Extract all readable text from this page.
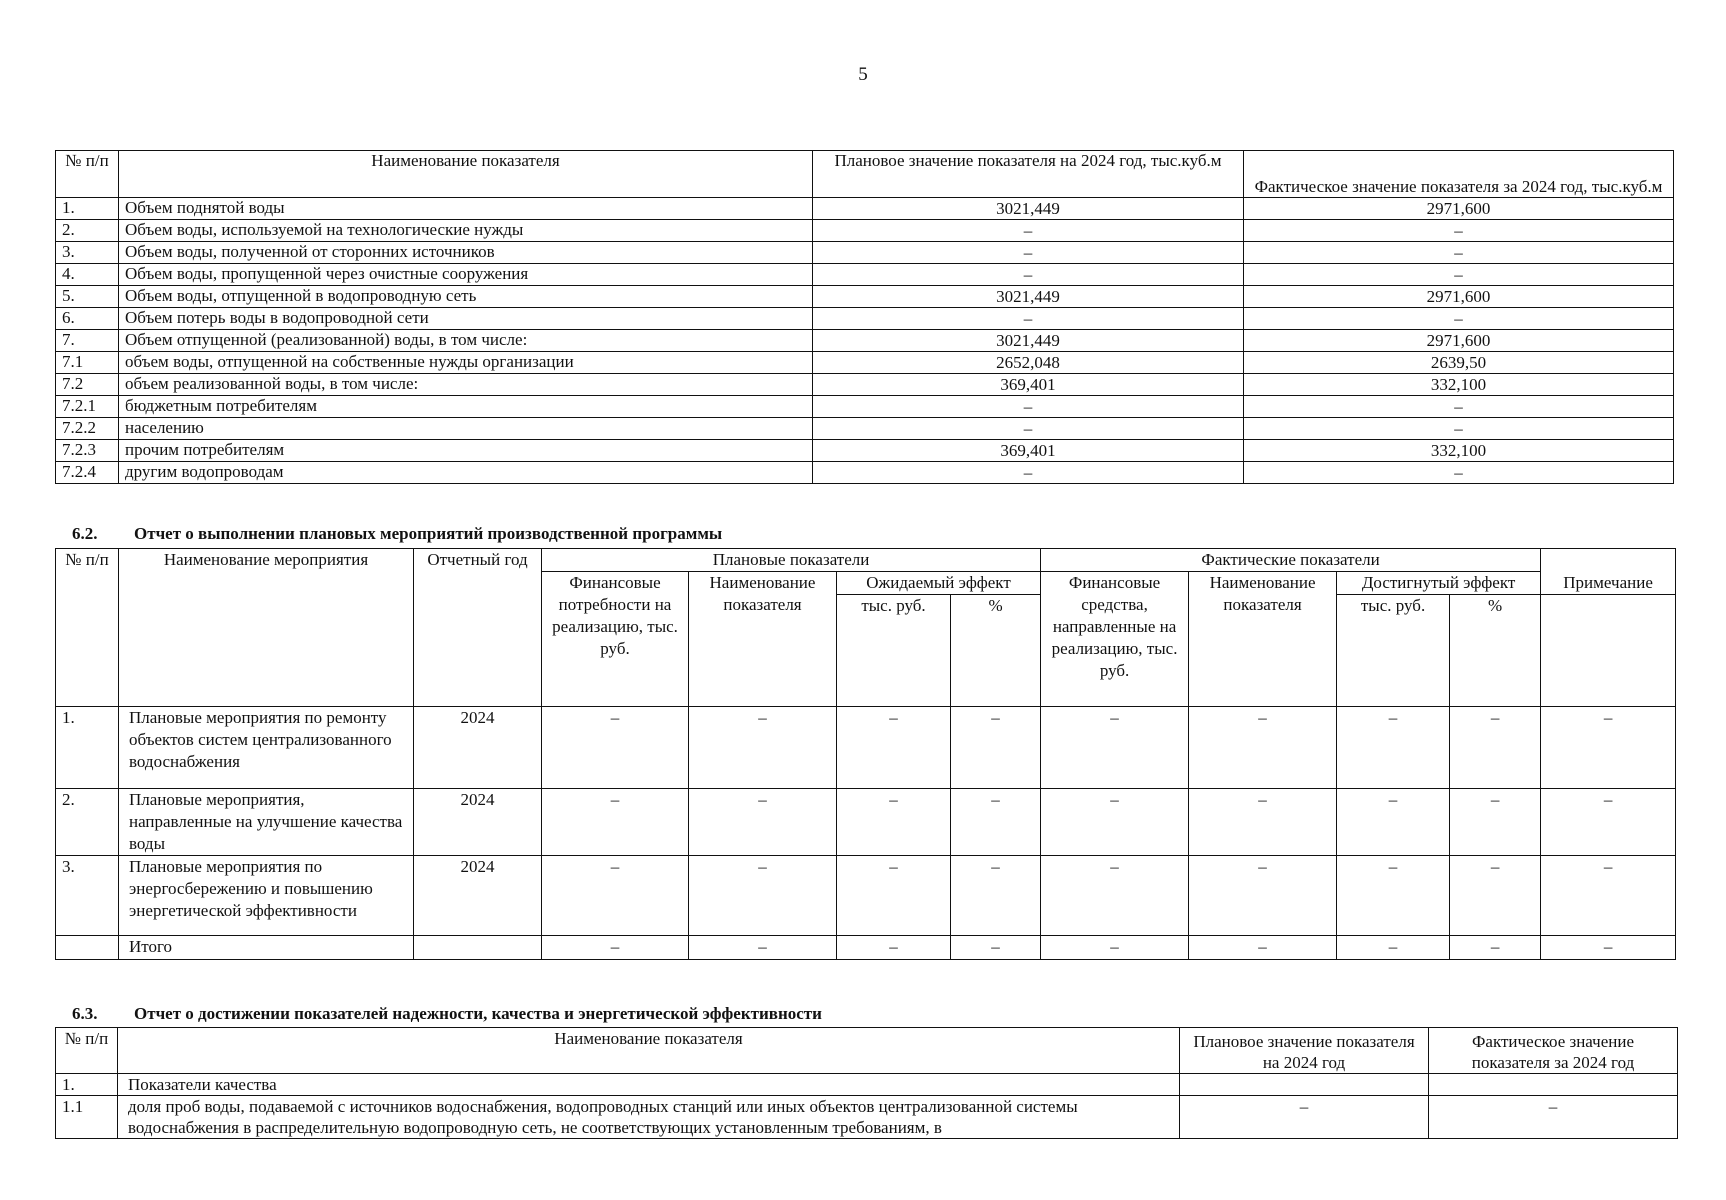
5
№ п/п	Наименование показателя	Плановое значение показателя на 2024 год, тыс.куб.м	Фактическое значение показателя за 2024 год, тыс.куб.м
1.	Объем поднятой воды	3021,449	2971,600
2.	Объем воды, используемой на технологические нужды	–	–
3.	Объем воды, полученной от сторонних источников	–	–
4.	Объем воды, пропущенной через очистные сооружения	–	–
5.	Объем воды, отпущенной в водопроводную сеть	3021,449	2971,600
6.	Объем потерь воды в водопроводной сети	–	–
7.	Объем отпущенной (реализованной) воды, в том числе:	3021,449	2971,600
7.1	объем воды, отпущенной на собственные нужды организации	2652,048	2639,50
7.2	объем реализованной воды, в том числе:	369,401	332,100
7.2.1	бюджетным потребителям	–	–
7.2.2	населению	–	–
7.2.3	прочим потребителям	369,401	332,100
7.2.4	другим водопроводам	–	–
6.2. Отчет о выполнении плановых мероприятий производственной программы
№ п/п	Наименование мероприятия	Отчетный год	Плановые показатели				Фактические показатели				Примечание
			Финансовые потребности на реализацию, тыс. руб.	Наименование показателя	Ожидаемый эффект		Финансовые средства, направленные на реализацию, тыс. руб.	Наименование показателя	Достигнутый эффект		
					тыс. руб.	%			тыс. руб.	%	
1.	Плановые мероприятия по ремонту объектов систем централизованного водоснабжения	2024	–	–	–	–	–	–	–	–	–
2.	Плановые мероприятия, направленные на улучшение качества воды	2024	–	–	–	–	–	–	–	–	–
3.	Плановые мероприятия по энергосбережению и повышению энергетической эффективности	2024	–	–	–	–	–	–	–	–	–
	Итого		–	–	–	–	–	–	–	–	–
6.3. Отчет о достижении показателей надежности, качества и энергетической эффективности
№ п/п	Наименование показателя	Плановое значение показателя на 2024 год	Фактическое значение показателя за 2024 год
1.	Показатели качества		
1.1	доля проб воды, подаваемой с источников водоснабжения, водопроводных станций или иных объектов централизованной системы водоснабжения в распределительную водопроводную сеть, не соответствующих установленным требованиям, в	–	–
